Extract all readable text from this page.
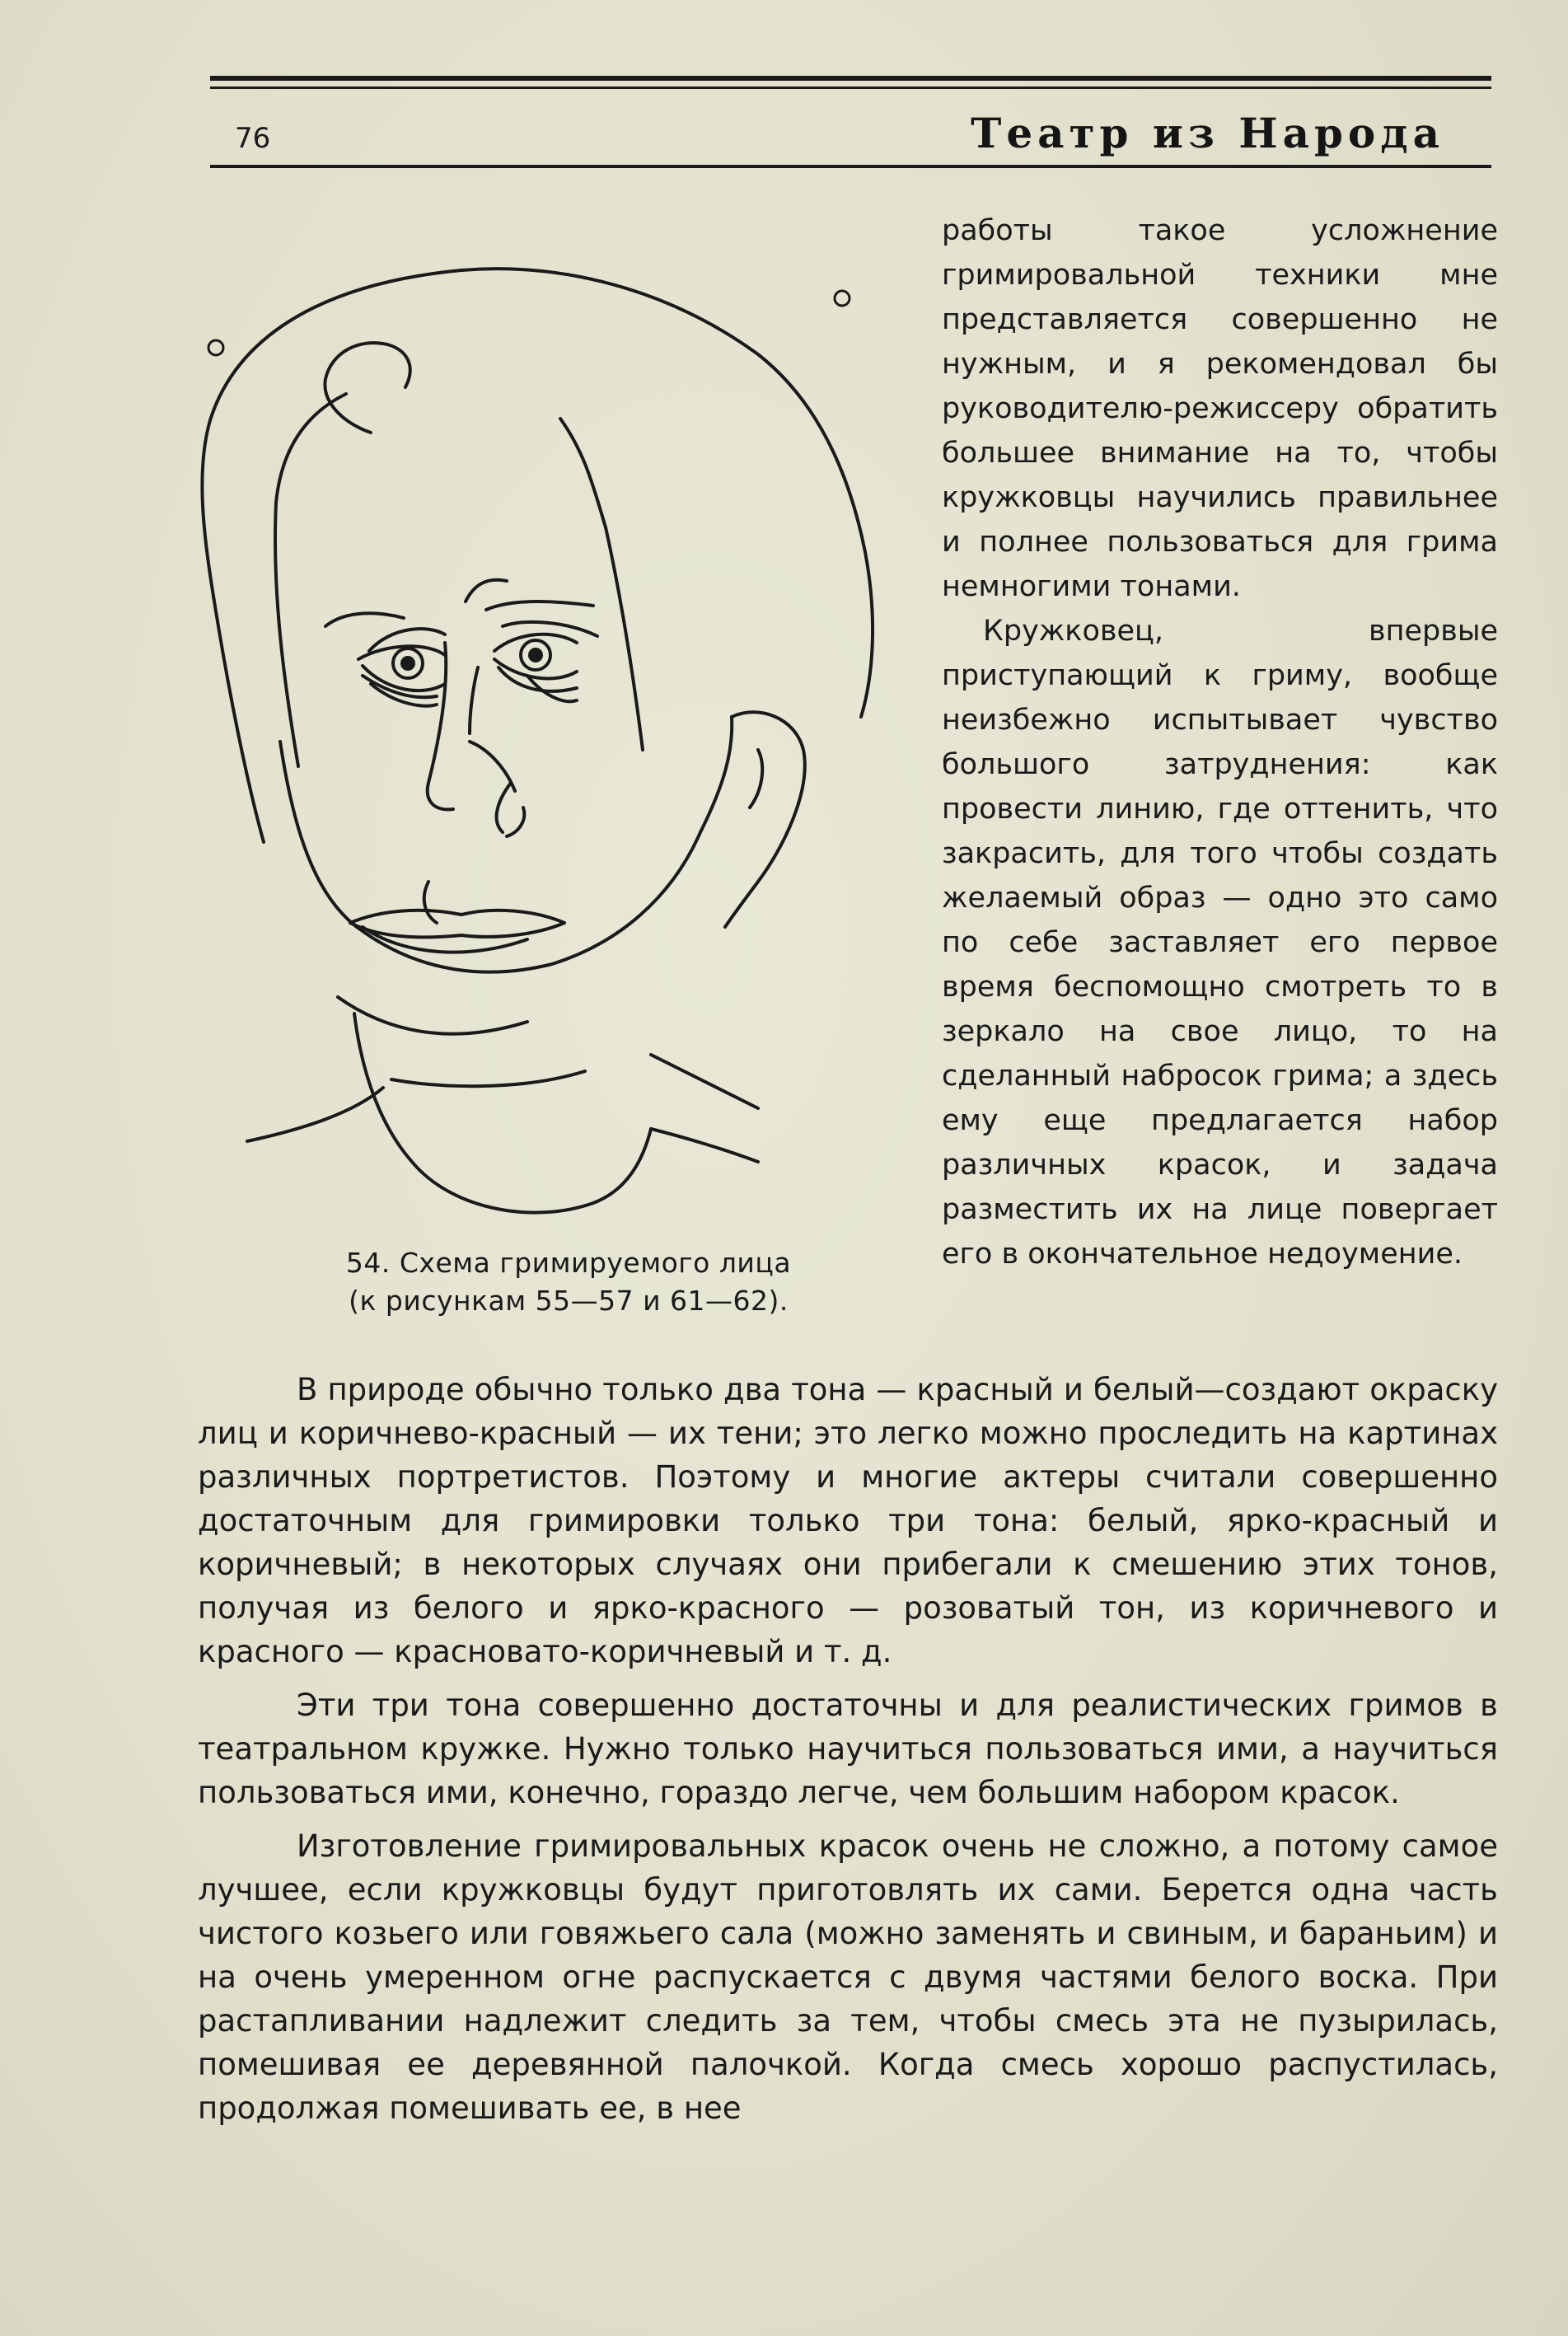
76	Театр из Народа
54. Схема гримируемого лица
(к рисункам 55—57 и 61—62).

работы такое усложнение гримировальной техники мне представляется совершенно не нужным, и я рекомендовал бы руководителю-режиссеру обратить большее внимание на то, чтобы кружковцы научились правильнее и полнее пользоваться для грима немногими тонами.

Кружковец, впервые приступающий к гриму, вообще неизбежно испытывает чувство большого затруднения: как провести линию, где оттенить, что закрасить, для того чтобы создать желаемый образ — одно это само по себе заставляет его первое время беспомощно смотреть то в зеркало на свое лицо, то на сделанный набросок грима; а здесь ему еще предлагается набор различных красок, и задача разместить их на лице повергает его в окончательное недоумение.

В природе обычно только два тона — красный и белый—создают окраску лиц и коричнево-красный — их тени; это легко можно проследить на картинах различных портретистов. Поэтому и многие актеры считали совершенно достаточным для гримировки только три тона: белый, ярко-красный и коричневый; в некоторых случаях они прибегали к смешению этих тонов, получая из белого и ярко-красного — розоватый тон, из коричневого и красного — красновато-коричневый и т. д.

Эти три тона совершенно достаточны и для реалистических гримов в театральном кружке. Нужно только научиться пользоваться ими, а научиться пользоваться ими, конечно, гораздо легче, чем большим набором красок.

Изготовление гримировальных красок очень не сложно, а потому самое лучшее, если кружковцы будут приготовлять их сами. Берется одна часть чистого козьего или говяжьего сала (можно заменять и свиным, и бараньим) и на очень умеренном огне распускается с двумя частями белого воска. При растапливании надлежит следить за тем, чтобы смесь эта не пузырилась, помешивая ее деревянной палочкой. Когда смесь хорошо распустилась, продолжая помешивать ее, в нее
